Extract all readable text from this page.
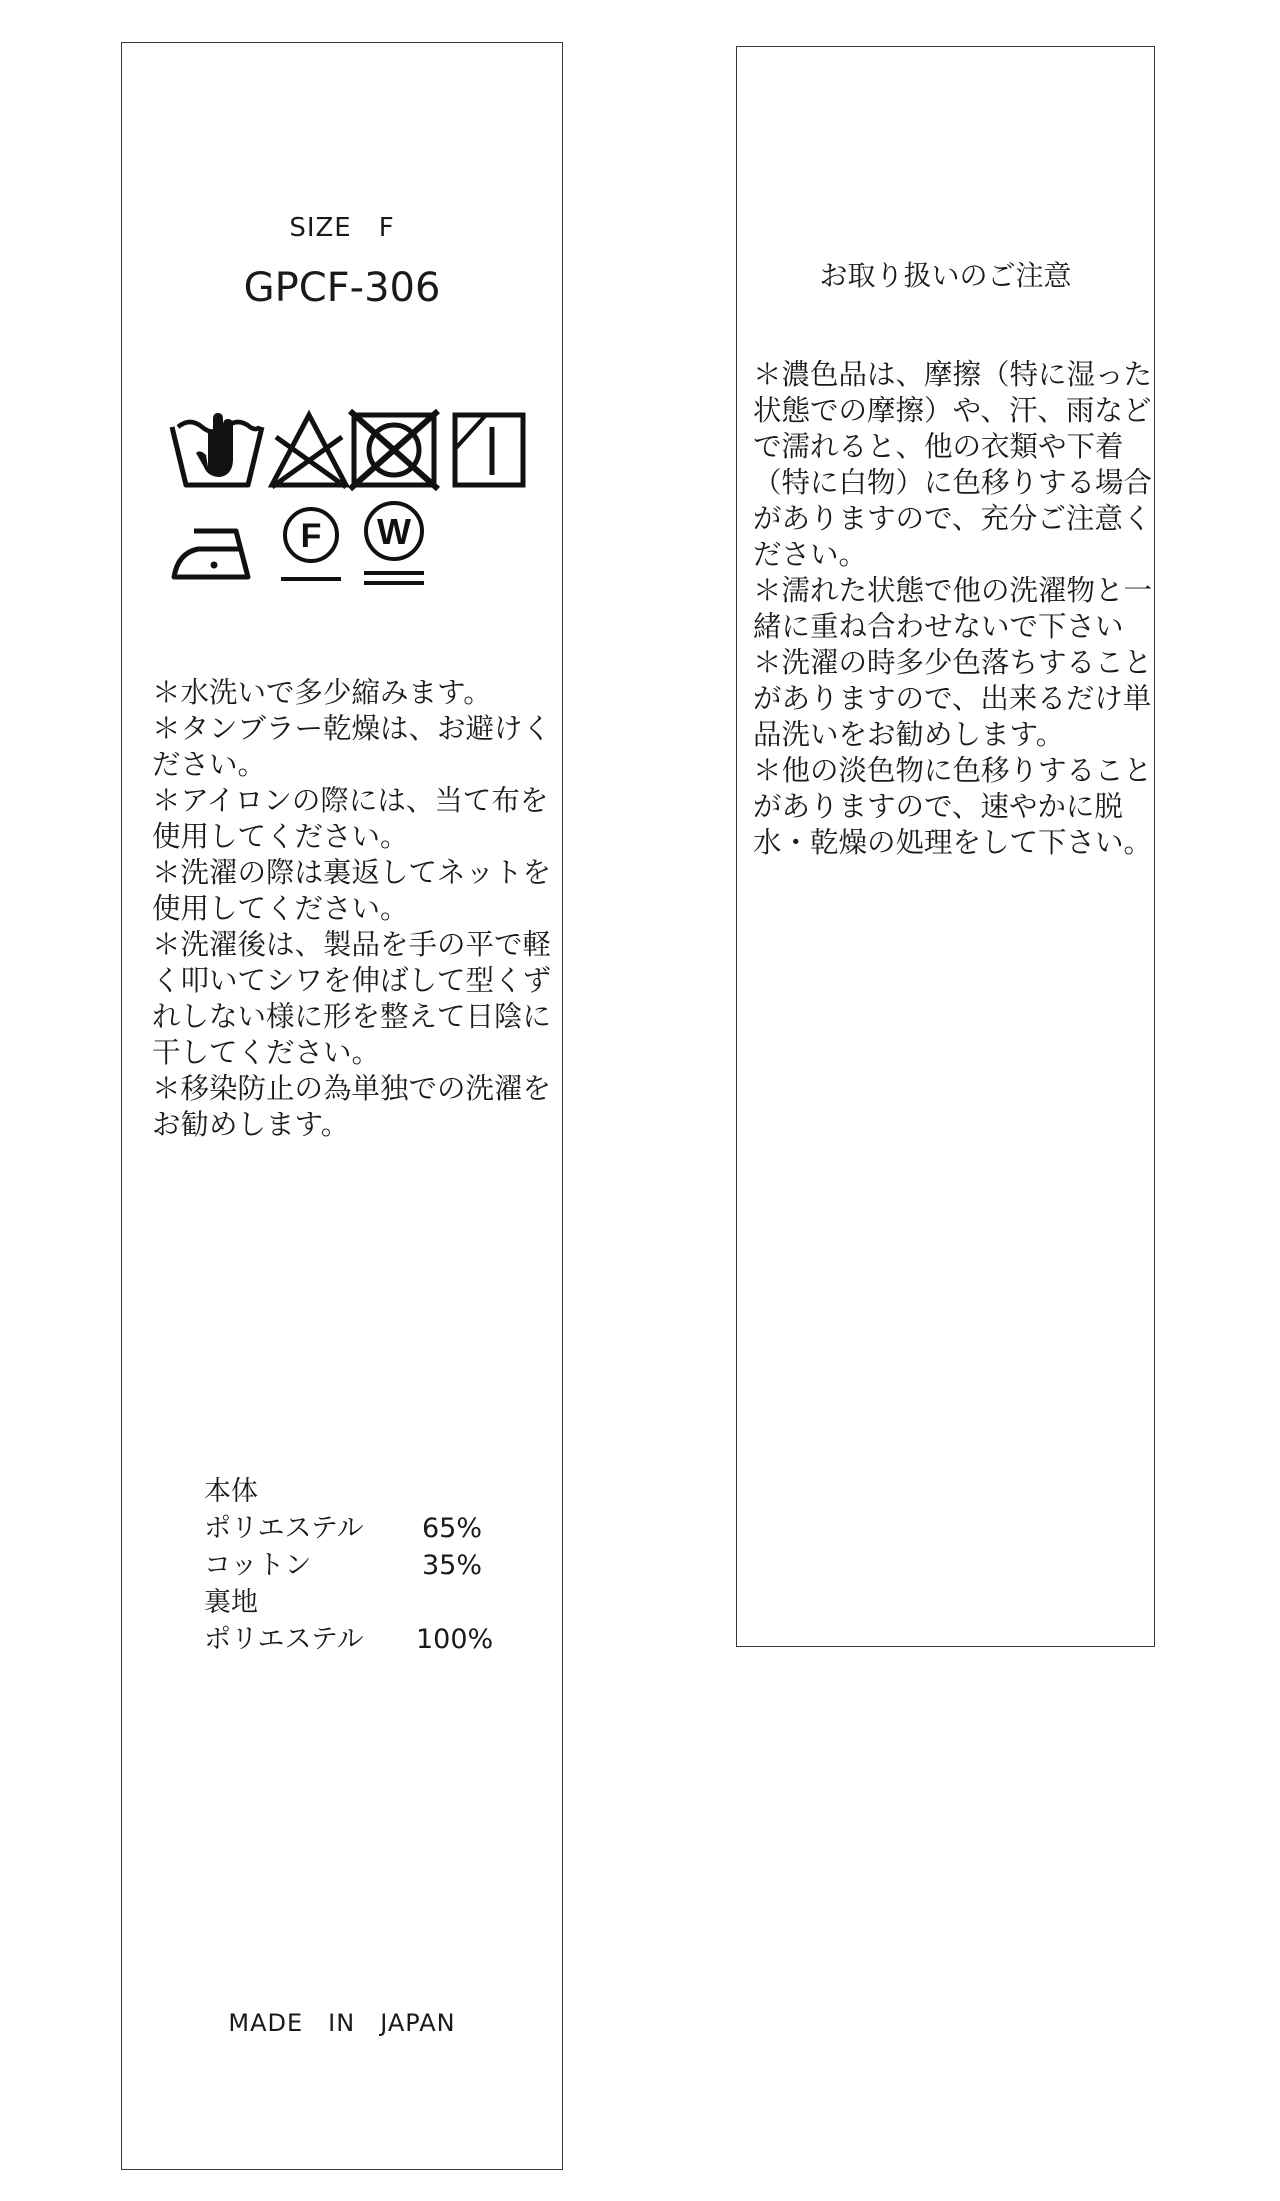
SIZE　F
GPCF-306
F W
＊水洗いで多少縮みます。
＊タンブラー乾燥は、お避けください。
＊アイロンの際には、当て布を使用してください。
＊洗濯の際は裏返してネットを使用してください。
＊洗濯後は、製品を手の平で軽く叩いてシワを伸ばして型くずれしない様に形を整えて日陰に干してください。
＊移染防止の為単独での洗濯をお勧めします。
本体
ポリエステル	65%
コットン	35%
裏地
ポリエステル	100%
MADE　IN　JAPAN
お取り扱いのご注意
＊濃色品は、摩擦（特に湿った状態での摩擦）や、汗、雨などで濡れると、他の衣類や下着（特に白物）に色移りする場合がありますので、充分ご注意ください。
＊濡れた状態で他の洗濯物と一緒に重ね合わせないで下さい
＊洗濯の時多少色落ちすることがありますので、出来るだけ単品洗いをお勧めします。
＊他の淡色物に色移りすることがありますので、速やかに脱水・乾燥の処理をして下さい。
